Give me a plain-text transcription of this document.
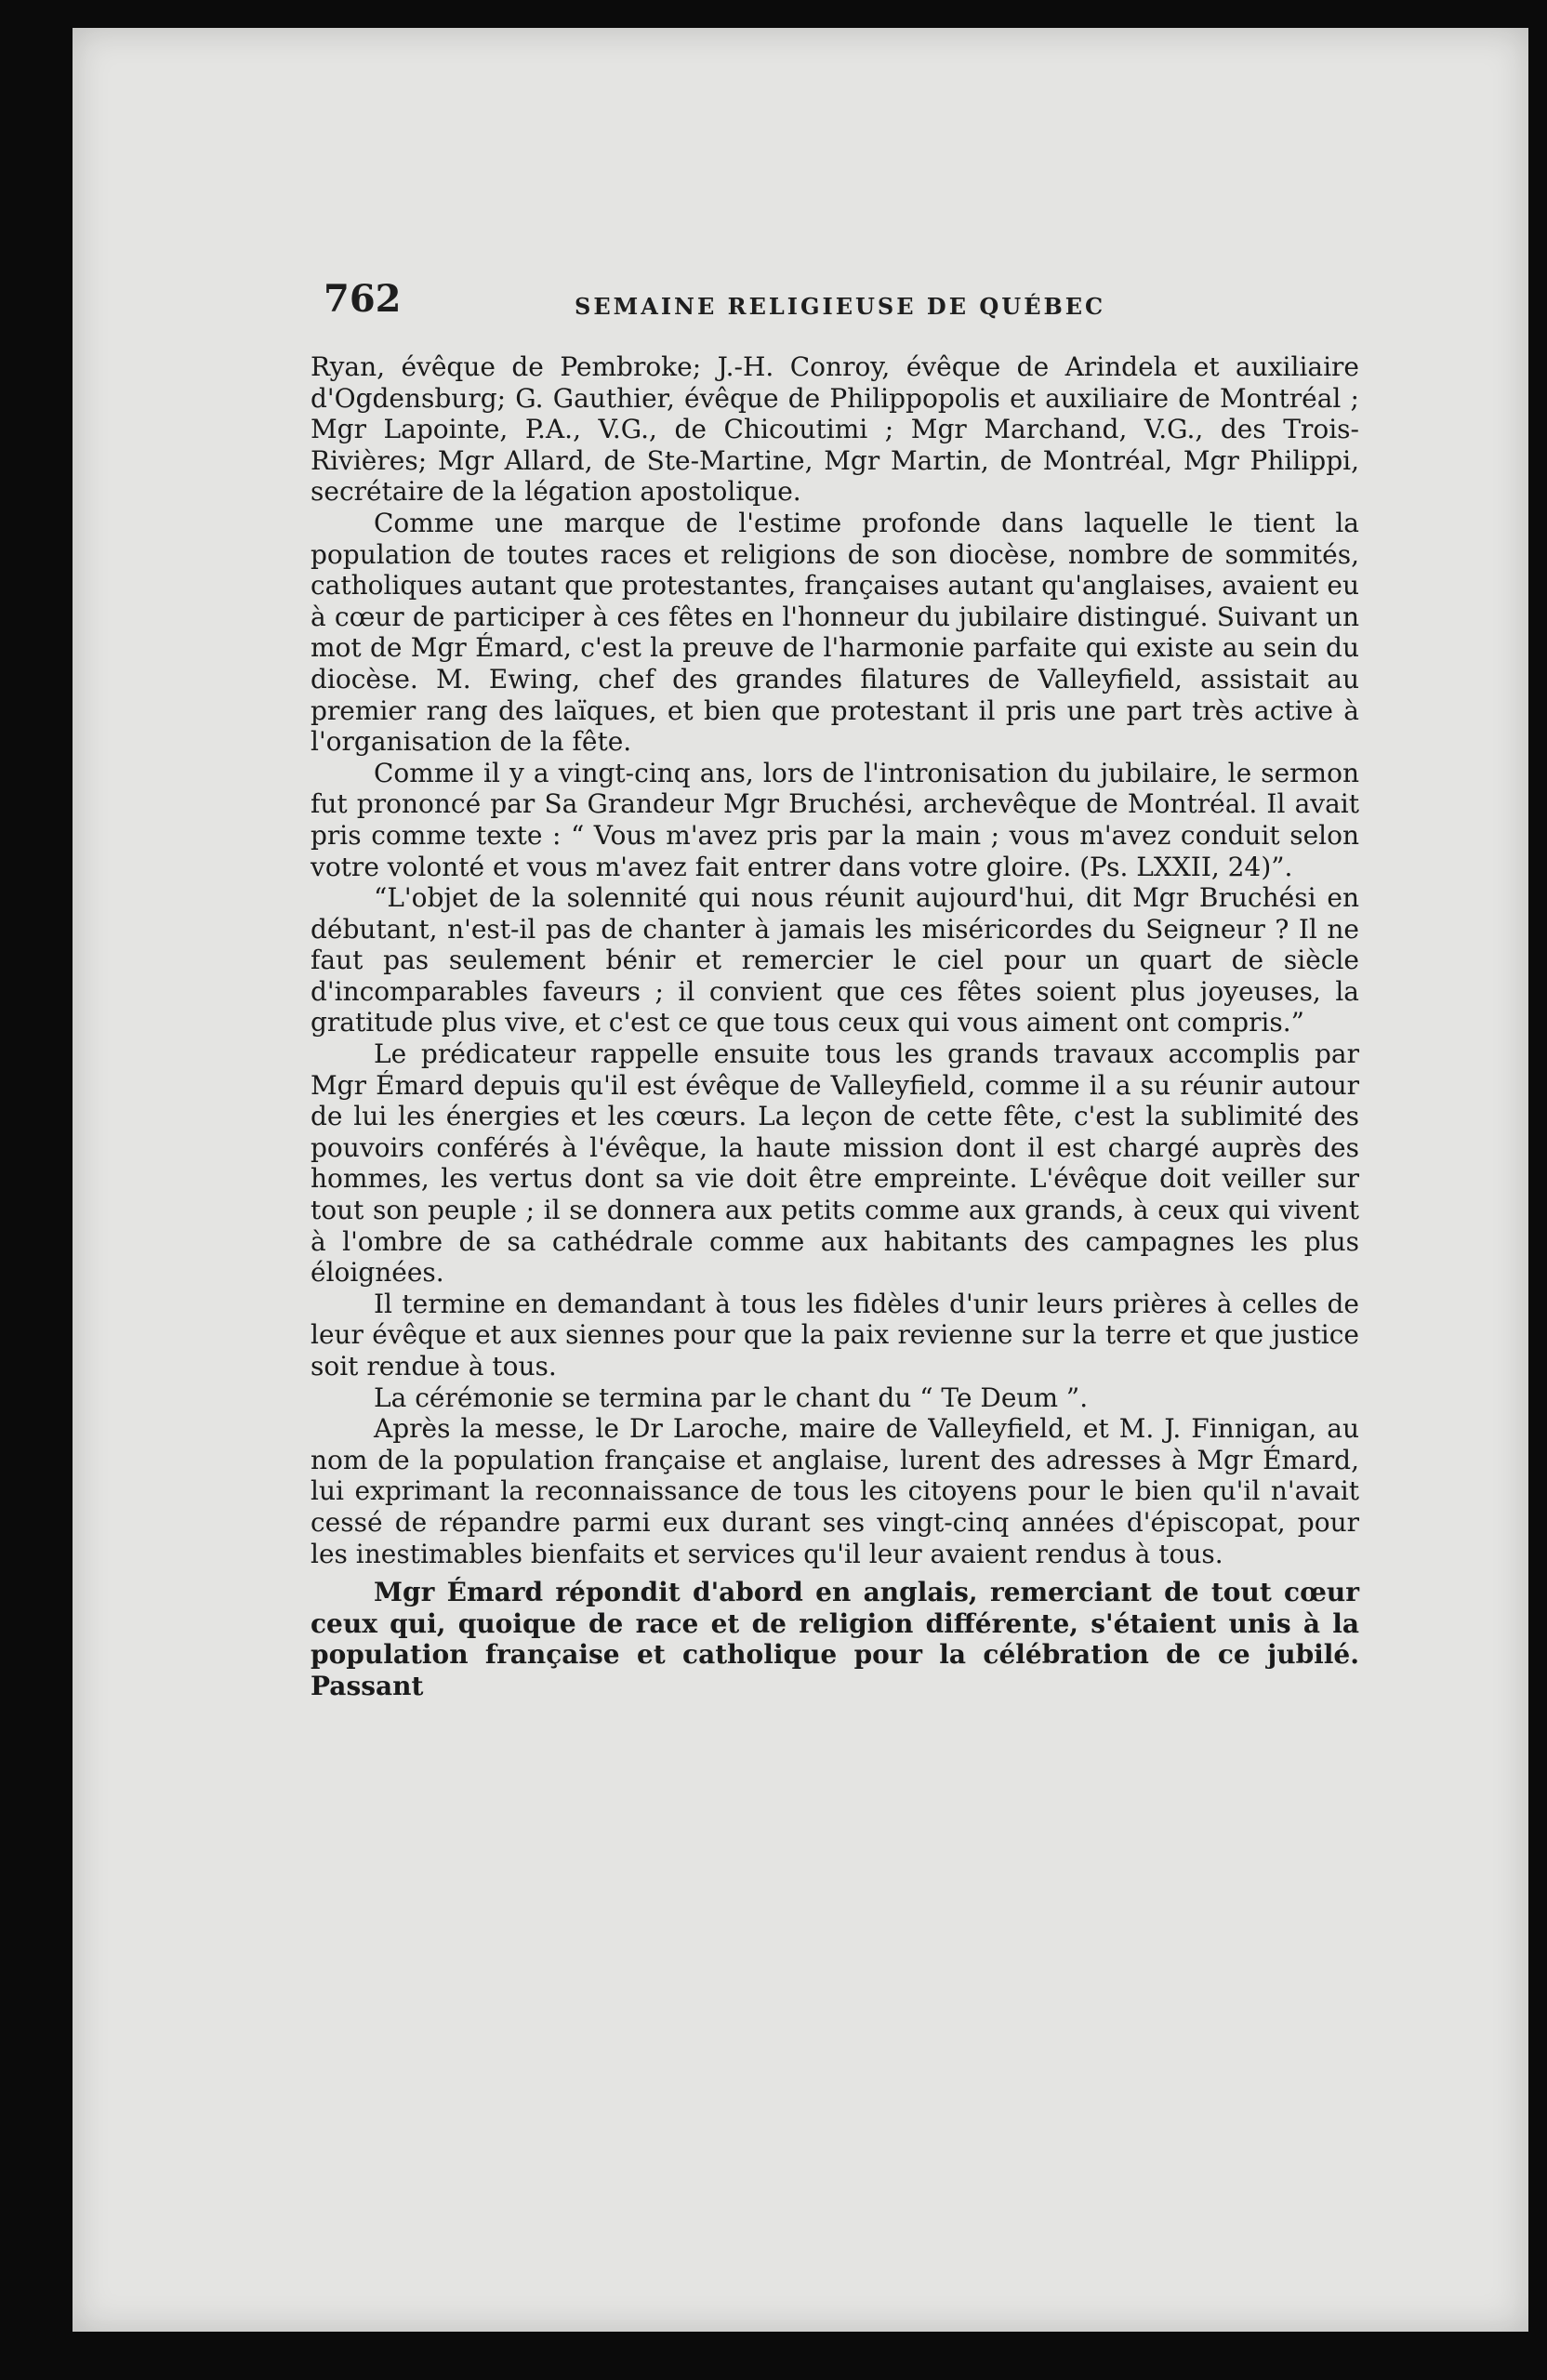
762	SEMAINE RELIGIEUSE DE QUÉBEC

Ryan, évêque de Pembroke; J.-H. Conroy, évêque de Arindela et auxiliaire d'Ogdensburg; G. Gauthier, évêque de Philippopolis et auxiliaire de Montréal ; Mgr Lapointe, P.A., V.G., de Chicoutimi ; Mgr Marchand, V.G., des Trois-Rivières; Mgr Allard, de Ste-Martine, Mgr Martin, de Montréal, Mgr Philippi, secrétaire de la légation apostolique.

Comme une marque de l'estime profonde dans laquelle le tient la population de toutes races et religions de son diocèse, nombre de sommités, catholiques autant que protestantes, françaises autant qu'anglaises, avaient eu à cœur de participer à ces fêtes en l'honneur du jubilaire distingué. Suivant un mot de Mgr Émard, c'est la preuve de l'harmonie parfaite qui existe au sein du diocèse. M. Ewing, chef des grandes filatures de Valleyfield, assistait au premier rang des laïques, et bien que protestant il pris une part très active à l'organisation de la fête.

Comme il y a vingt-cinq ans, lors de l'intronisation du jubilaire, le sermon fut prononcé par Sa Grandeur Mgr Bruchési, archevêque de Montréal. Il avait pris comme texte : “ Vous m'avez pris par la main ; vous m'avez conduit selon votre volonté et vous m'avez fait entrer dans votre gloire. (Ps. LXXII, 24)”.

“L'objet de la solennité qui nous réunit aujourd'hui, dit Mgr Bruchési en débutant, n'est-il pas de chanter à jamais les miséricordes du Seigneur ? Il ne faut pas seulement bénir et remercier le ciel pour un quart de siècle d'incomparables faveurs ; il convient que ces fêtes soient plus joyeuses, la gratitude plus vive, et c'est ce que tous ceux qui vous aiment ont compris.”

Le prédicateur rappelle ensuite tous les grands travaux accomplis par Mgr Émard depuis qu'il est évêque de Valleyfield, comme il a su réunir autour de lui les énergies et les cœurs. La leçon de cette fête, c'est la sublimité des pouvoirs conférés à l'évêque, la haute mission dont il est chargé auprès des hommes, les vertus dont sa vie doit être empreinte. L'évêque doit veiller sur tout son peuple ; il se donnera aux petits comme aux grands, à ceux qui vivent à l'ombre de sa cathédrale comme aux habitants des campagnes les plus éloignées.

Il termine en demandant à tous les fidèles d'unir leurs prières à celles de leur évêque et aux siennes pour que la paix revienne sur la terre et que justice soit rendue à tous.

La cérémonie se termina par le chant du “ Te Deum ”.

Après la messe, le Dr Laroche, maire de Valleyfield, et M. J. Finnigan, au nom de la population française et anglaise, lurent des adresses à Mgr Émard, lui exprimant la reconnaissance de tous les citoyens pour le bien qu'il n'avait cessé de répandre parmi eux durant ses vingt-cinq années d'épiscopat, pour les inestimables bienfaits et services qu'il leur avaient rendus à tous.

Mgr Émard répondit d'abord en anglais, remerciant de tout cœur ceux qui, quoique de race et de religion différente, s'étaient unis à la population française et catholique pour la célébration de ce jubilé. Passant
